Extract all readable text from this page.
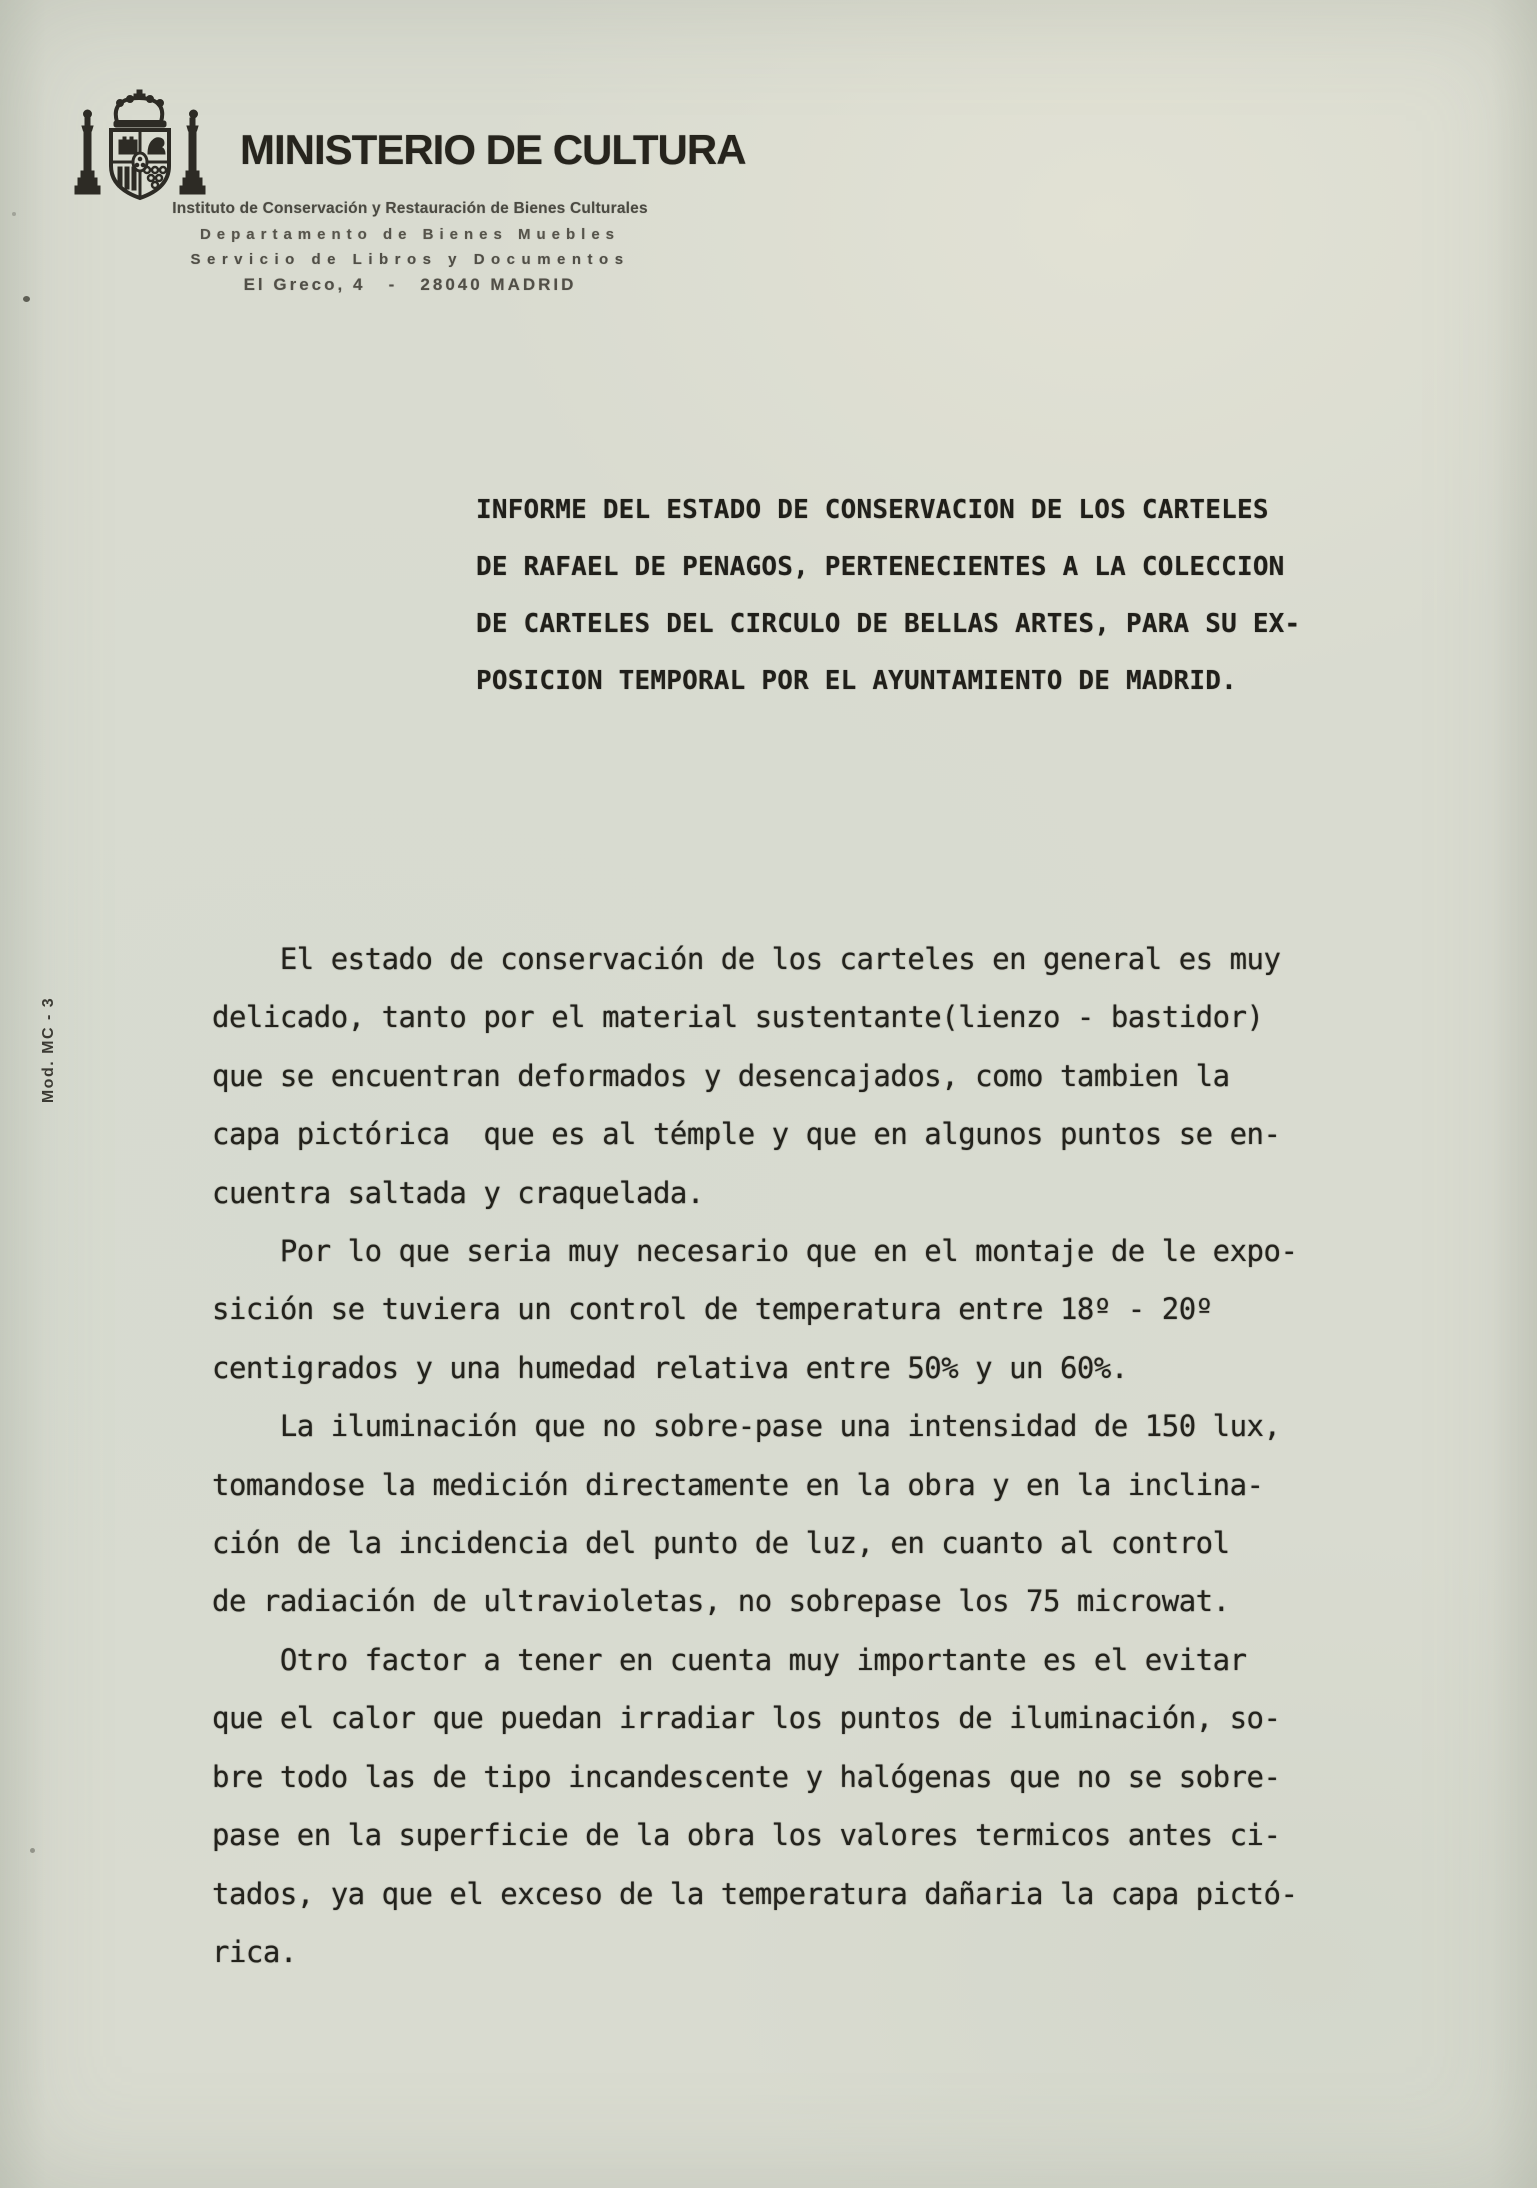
MINISTERIO DE CULTURA
Instituto de Conservación y Restauración de Bienes Culturales
Departamento de Bienes Muebles
Servicio de Libros y Documentos
El Greco, 4   -   28040 MADRID
Mod. MC - 3
INFORME DEL ESTADO DE CONSERVACION DE LOS CARTELES
DE RAFAEL DE PENAGOS, PERTENECIENTES A LA COLECCION
DE CARTELES DEL CIRCULO DE BELLAS ARTES, PARA SU EX-
POSICION TEMPORAL POR EL AYUNTAMIENTO DE MADRID.
El estado de conservación de los carteles en general es muy
delicado, tanto por el material sustentante(lienzo - bastidor)
que se encuentran deformados y desencajados, como tambien la
capa pictórica  que es al témple y que en algunos puntos se en-
cuentra saltada y craquelada.
Por lo que seria muy necesario que en el montaje de le expo-
sición se tuviera un control de temperatura entre 18º - 20º
centigrados y una humedad relativa entre 50% y un 60%.
La iluminación que no sobre-pase una intensidad de 150 lux,
tomandose la medición directamente en la obra y en la inclina-
ción de la incidencia del punto de luz, en cuanto al control
de radiación de ultravioletas, no sobrepase los 75 microwat.
Otro factor a tener en cuenta muy importante es el evitar
que el calor que puedan irradiar los puntos de iluminación, so-
bre todo las de tipo incandescente y halógenas que no se sobre-
pase en la superficie de la obra los valores termicos antes ci-
tados, ya que el exceso de la temperatura dañaria la capa pictó-
rica.
